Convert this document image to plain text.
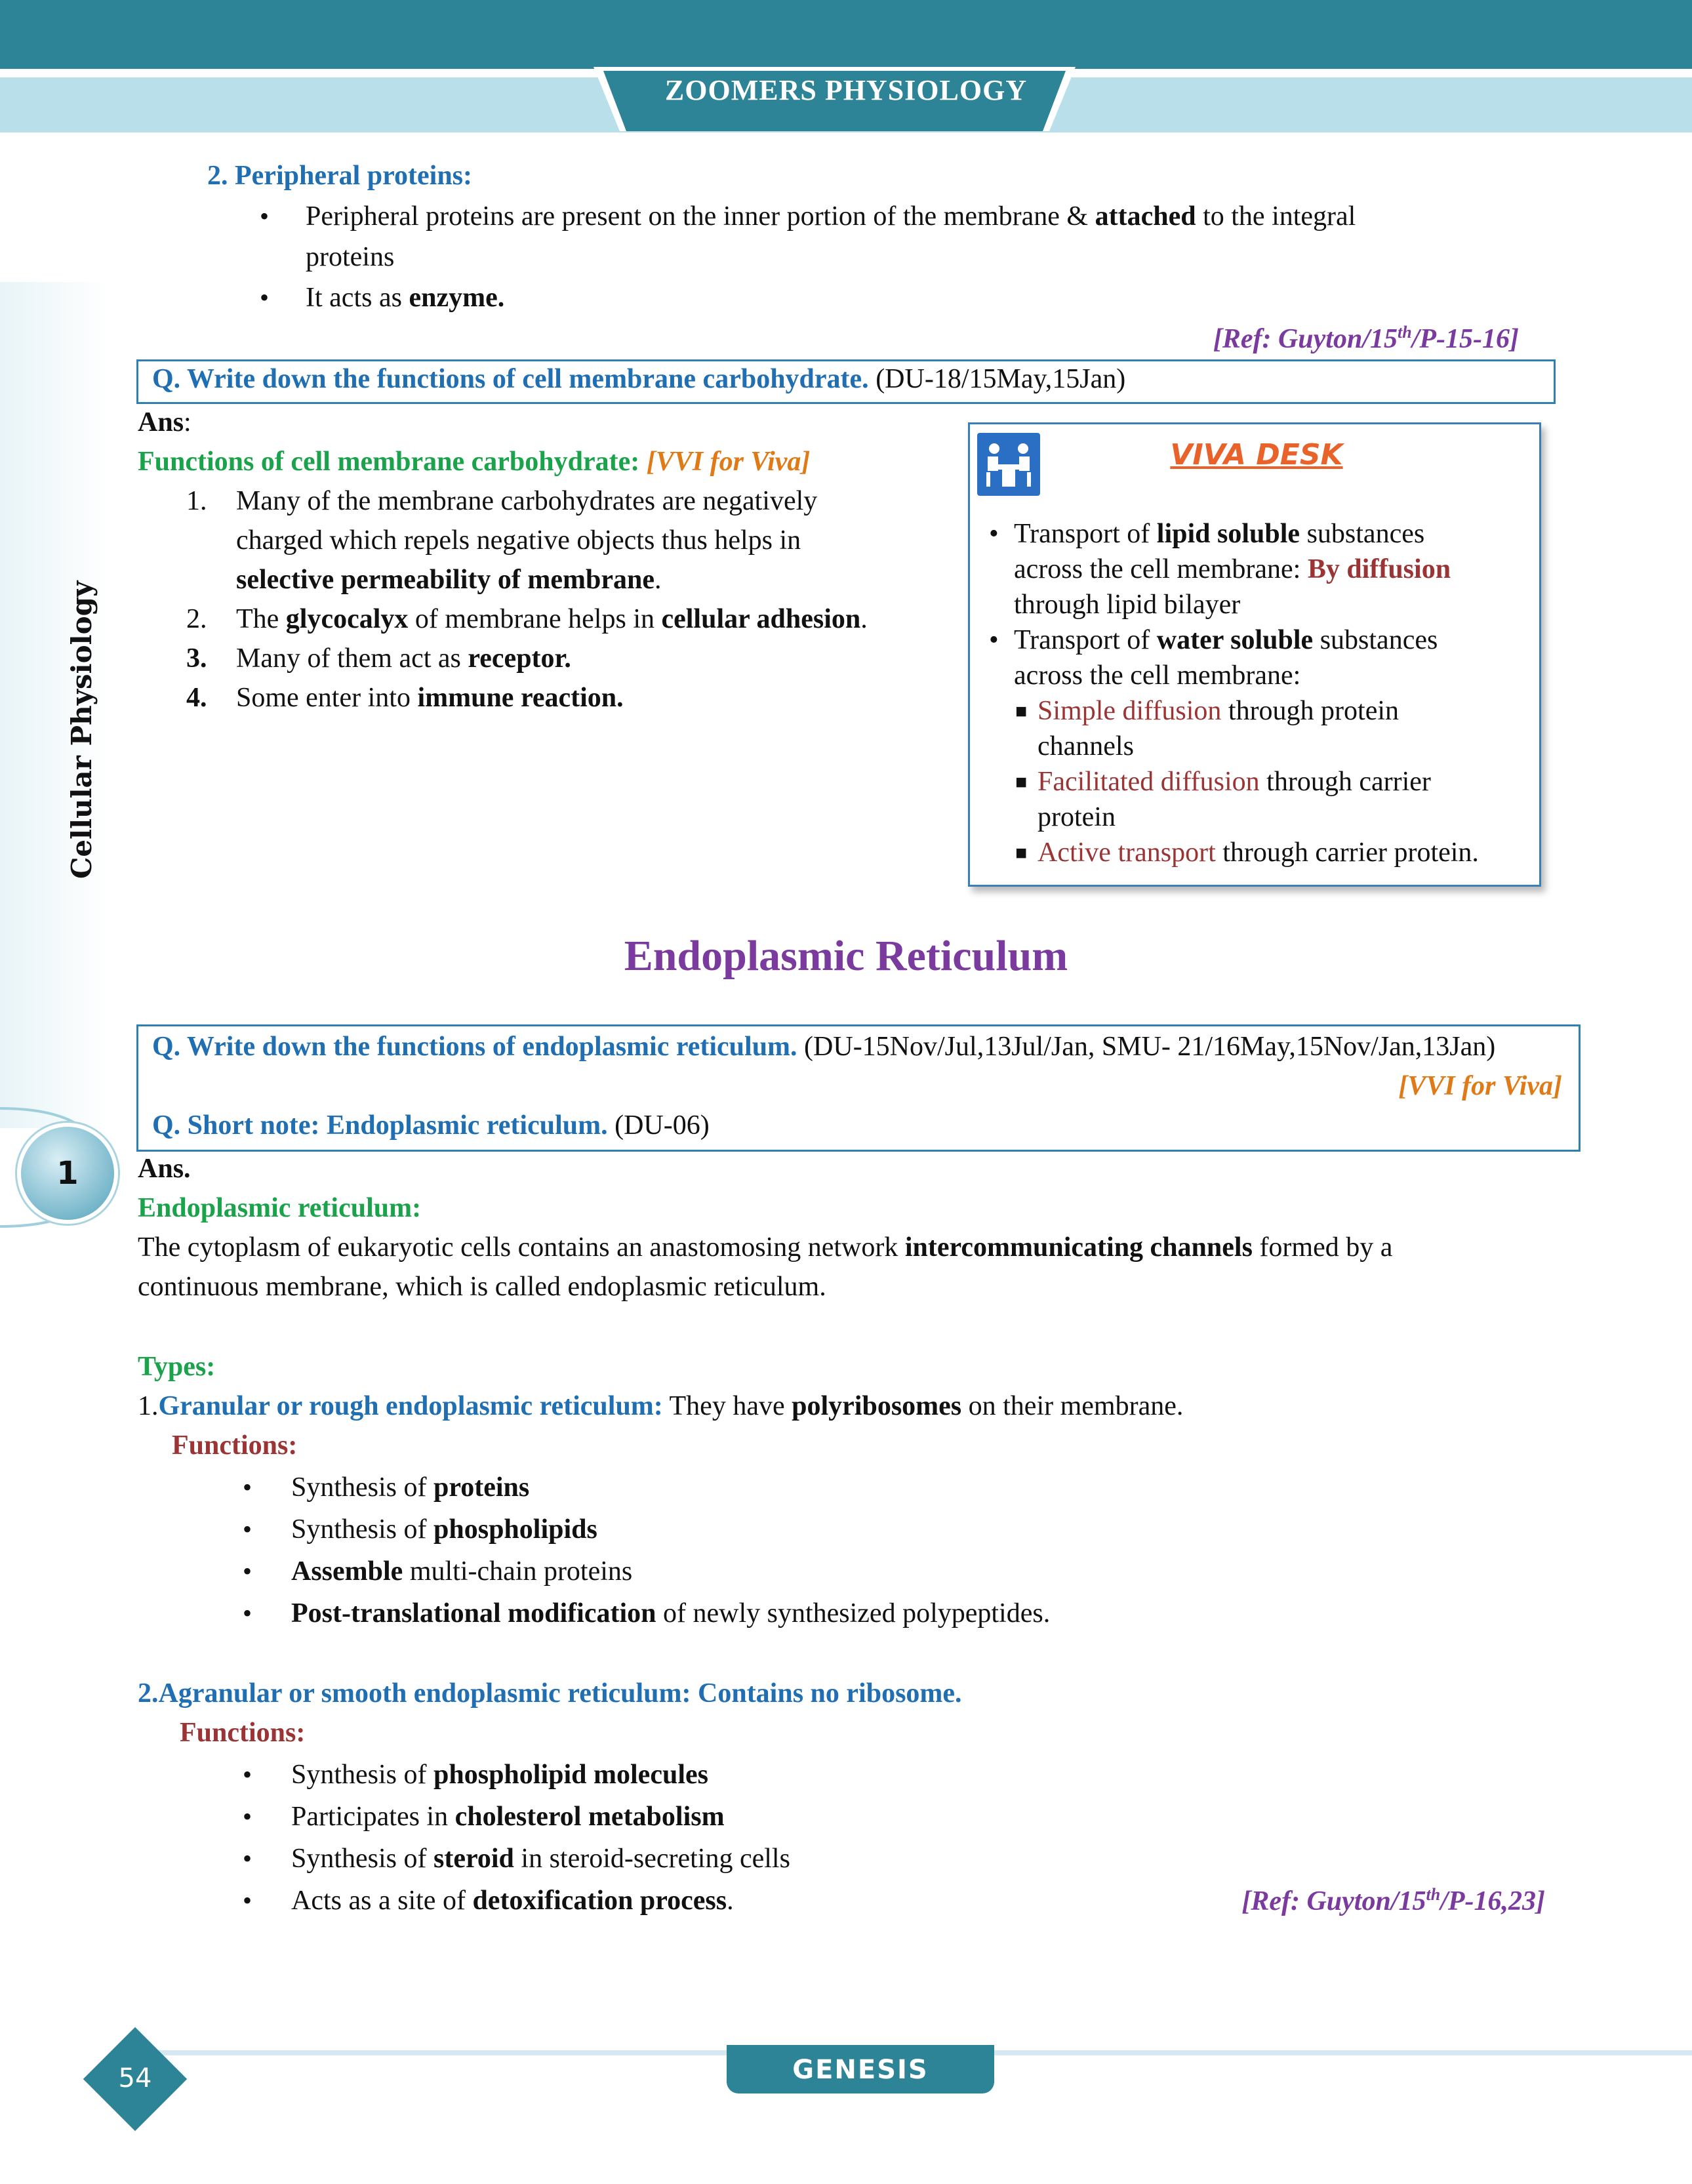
ZOOMERS PHYSIOLOGY
Cellular Physiology
1
2. Peripheral proteins:
• Peripheral proteins are present on the inner portion of the membrane & attached to the integral
proteins
• It acts as enzyme.
[Ref: Guyton/15th/P-15-16]
Q. Write down the functions of cell membrane carbohydrate. (DU-18/15May,15Jan)
Ans:
Functions of cell membrane carbohydrate: [VVI for Viva]
1. Many of the membrane carbohydrates are negatively
charged which repels negative objects thus helps in
selective permeability of membrane.
2. The glycocalyx of membrane helps in cellular adhesion.
3. Many of them act as receptor.
4. Some enter into immune reaction.
VIVA DESK
• Transport of lipid soluble substances
across the cell membrane: By diffusion
through lipid bilayer
• Transport of water soluble substances
across the cell membrane:
■ Simple diffusion through protein
channels
■ Facilitated diffusion through carrier
protein
■ Active transport through carrier protein.
Endoplasmic Reticulum
Q. Write down the functions of endoplasmic reticulum. (DU-15Nov/Jul,13Jul/Jan, SMU- 21/16May,15Nov/Jan,13Jan)
[VVI for Viva]
Q. Short note: Endoplasmic reticulum. (DU-06)
Ans.
Endoplasmic reticulum:
The cytoplasm of eukaryotic cells contains an anastomosing network intercommunicating channels formed by a
continuous membrane, which is called endoplasmic reticulum.
Types:
1.Granular or rough endoplasmic reticulum: They have polyribosomes on their membrane.
Functions:
• Synthesis of proteins
• Synthesis of phospholipids
• Assemble multi-chain proteins
• Post-translational modification of newly synthesized polypeptides.
2.Agranular or smooth endoplasmic reticulum: Contains no ribosome.
Functions:
• Synthesis of phospholipid molecules
• Participates in cholesterol metabolism
• Synthesis of steroid in steroid-secreting cells
• Acts as a site of detoxification process.	[Ref: Guyton/15th/P-16,23]
GENESIS
54
